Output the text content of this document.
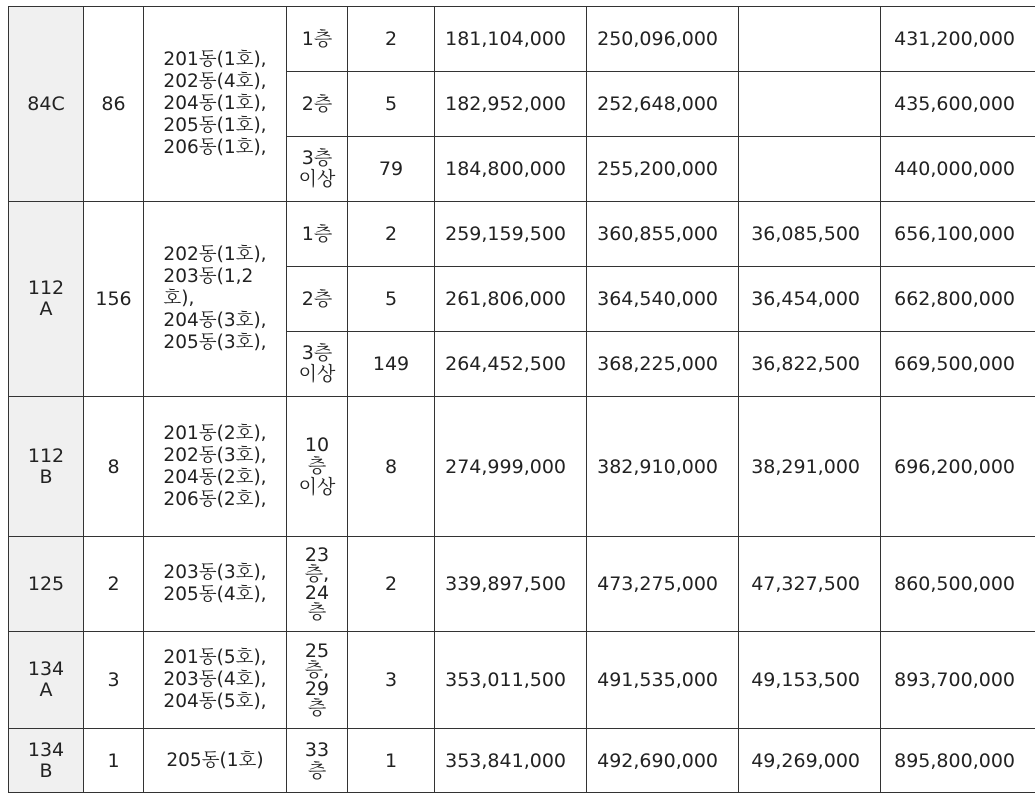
84C	86	201동(1호),
202동(4호),
204동(1호),
205동(1호),
206동(1호),	1층	2	181,104,000	250,096,000		431,200,000
			2층	5	182,952,000	252,648,000		435,600,000
			3층
이상	79	184,800,000	255,200,000		440,000,000
112
A	156	202동(1호),
203동(1,2
호),
204동(3호),
205동(3호),	1층	2	259,159,500	360,855,000	36,085,500	656,100,000
			2층	5	261,806,000	364,540,000	36,454,000	662,800,000
			3층
이상	149	264,452,500	368,225,000	36,822,500	669,500,000
112
B	8	201동(2호),
202동(3호),
204동(2호),
206동(2호),	10
층
이상	8	274,999,000	382,910,000	38,291,000	696,200,000
125	2	203동(3호),
205동(4호),	23
층,
24
층	2	339,897,500	473,275,000	47,327,500	860,500,000
134
A	3	201동(5호),
203동(4호),
204동(5호),	25
층,
29
층	3	353,011,500	491,535,000	49,153,500	893,700,000
134
B	1	205동(1호)	33
층	1	353,841,000	492,690,000	49,269,000	895,800,000
